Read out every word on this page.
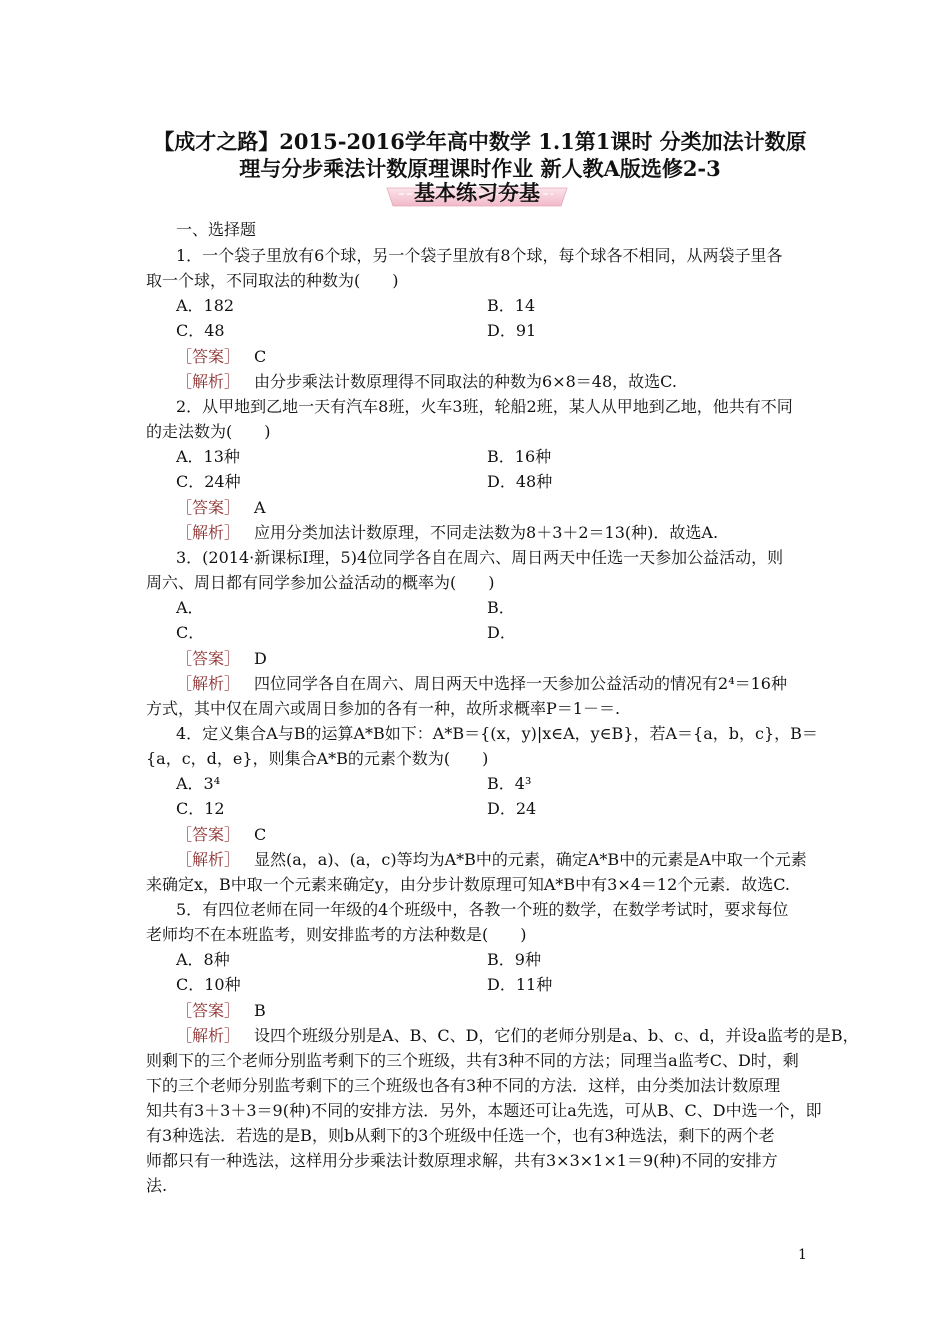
【成才之路】2015-2016学年高中数学 1.1第1课时 分类加法计数原
理与分步乘法计数原理课时作业 新人教A版选修2-3
基本练习夯基
一、选择题
1．一个袋子里放有6个球，另一个袋子里放有8个球，每个球各不相同，从两袋子里各
取一个球，不同取法的种数为(　　)
A．182	B．14
C．48	D．91
［答案］ C
［解析］ 由分步乘法计数原理得不同取法的种数为6×8＝48，故选C.
2．从甲地到乙地一天有汽车8班，火车3班，轮船2班，某人从甲地到乙地，他共有不同
的走法数为(　　)
A．13种	B．16种
C．24种	D．48种
［答案］ A
［解析］ 应用分类加法计数原理，不同走法数为8＋3＋2＝13(种)．故选A.
3．(2014·新课标Ⅰ理，5)4位同学各自在周六、周日两天中任选一天参加公益活动，则
周六、周日都有同学参加公益活动的概率为(　　)
A．	B．
C．	D．
［答案］ D
［解析］ 四位同学各自在周六、周日两天中选择一天参加公益活动的情况有2⁴＝16种
方式，其中仅在周六或周日参加的各有一种，故所求概率P＝1－＝.
4．定义集合A与B的运算A*B如下：A*B＝{(x，y)|x∈A，y∈B}，若A＝{a，b，c}，B＝
{a，c，d，e}，则集合A*B的元素个数为(　　)
A．3⁴	B．4³
C．12	D．24
［答案］ C
［解析］ 显然(a，a)、(a，c)等均为A*B中的元素，确定A*B中的元素是A中取一个元素
来确定x，B中取一个元素来确定y，由分步计数原理可知A*B中有3×4＝12个元素．故选C.
5．有四位老师在同一年级的4个班级中，各教一个班的数学，在数学考试时，要求每位
老师均不在本班监考，则安排监考的方法种数是(　　)
A．8种	B．9种
C．10种	D．11种
［答案］ B
［解析］ 设四个班级分别是A、B、C、D，它们的老师分别是a、b、c、d，并设a监考的是B，
则剩下的三个老师分别监考剩下的三个班级，共有3种不同的方法；同理当a监考C、D时，剩
下的三个老师分别监考剩下的三个班级也各有3种不同的方法．这样，由分类加法计数原理
知共有3＋3＋3＝9(种)不同的安排方法．另外，本题还可让a先选，可从B、C、D中选一个，即
有3种选法．若选的是B，则b从剩下的3个班级中任选一个，也有3种选法，剩下的两个老
师都只有一种选法，这样用分步乘法计数原理求解，共有3×3×1×1＝9(种)不同的安排方
法.
1
